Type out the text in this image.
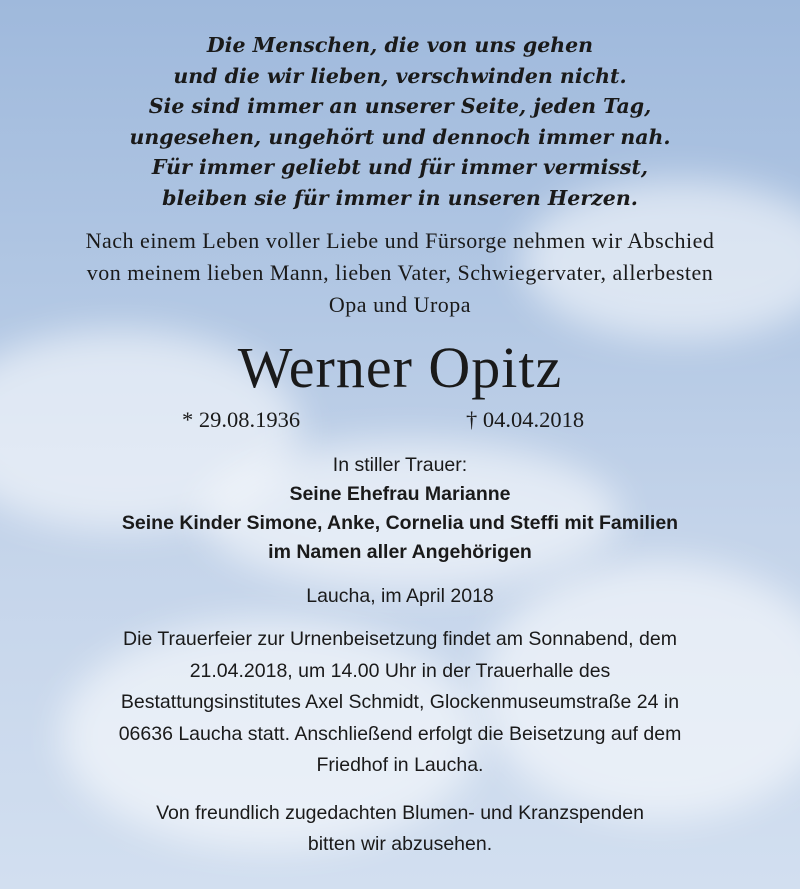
Die Menschen, die von uns gehen
und die wir lieben, verschwinden nicht.
Sie sind immer an unserer Seite, jeden Tag,
ungesehen, ungehört und dennoch immer nah.
Für immer geliebt und für immer vermisst,
bleiben sie für immer in unseren Herzen.
Nach einem Leben voller Liebe und Fürsorge nehmen wir Abschied
von meinem lieben Mann, lieben Vater, Schwiegervater, allerbesten
Opa und Uropa
Werner Opitz
* 29.08.1936	† 04.04.2018
In stiller Trauer:
Seine Ehefrau Marianne
Seine Kinder Simone, Anke, Cornelia und Steffi mit Familien
im Namen aller Angehörigen
Laucha, im April 2018
Die Trauerfeier zur Urnenbeisetzung findet am Sonnabend, dem
21.04.2018, um 14.00 Uhr in der Trauerhalle des
Bestattungsinstitutes Axel Schmidt, Glockenmuseumstraße 24 in
06636 Laucha statt. Anschließend erfolgt die Beisetzung auf dem
Friedhof in Laucha.
Von freundlich zugedachten Blumen- und Kranzspenden
bitten wir abzusehen.
